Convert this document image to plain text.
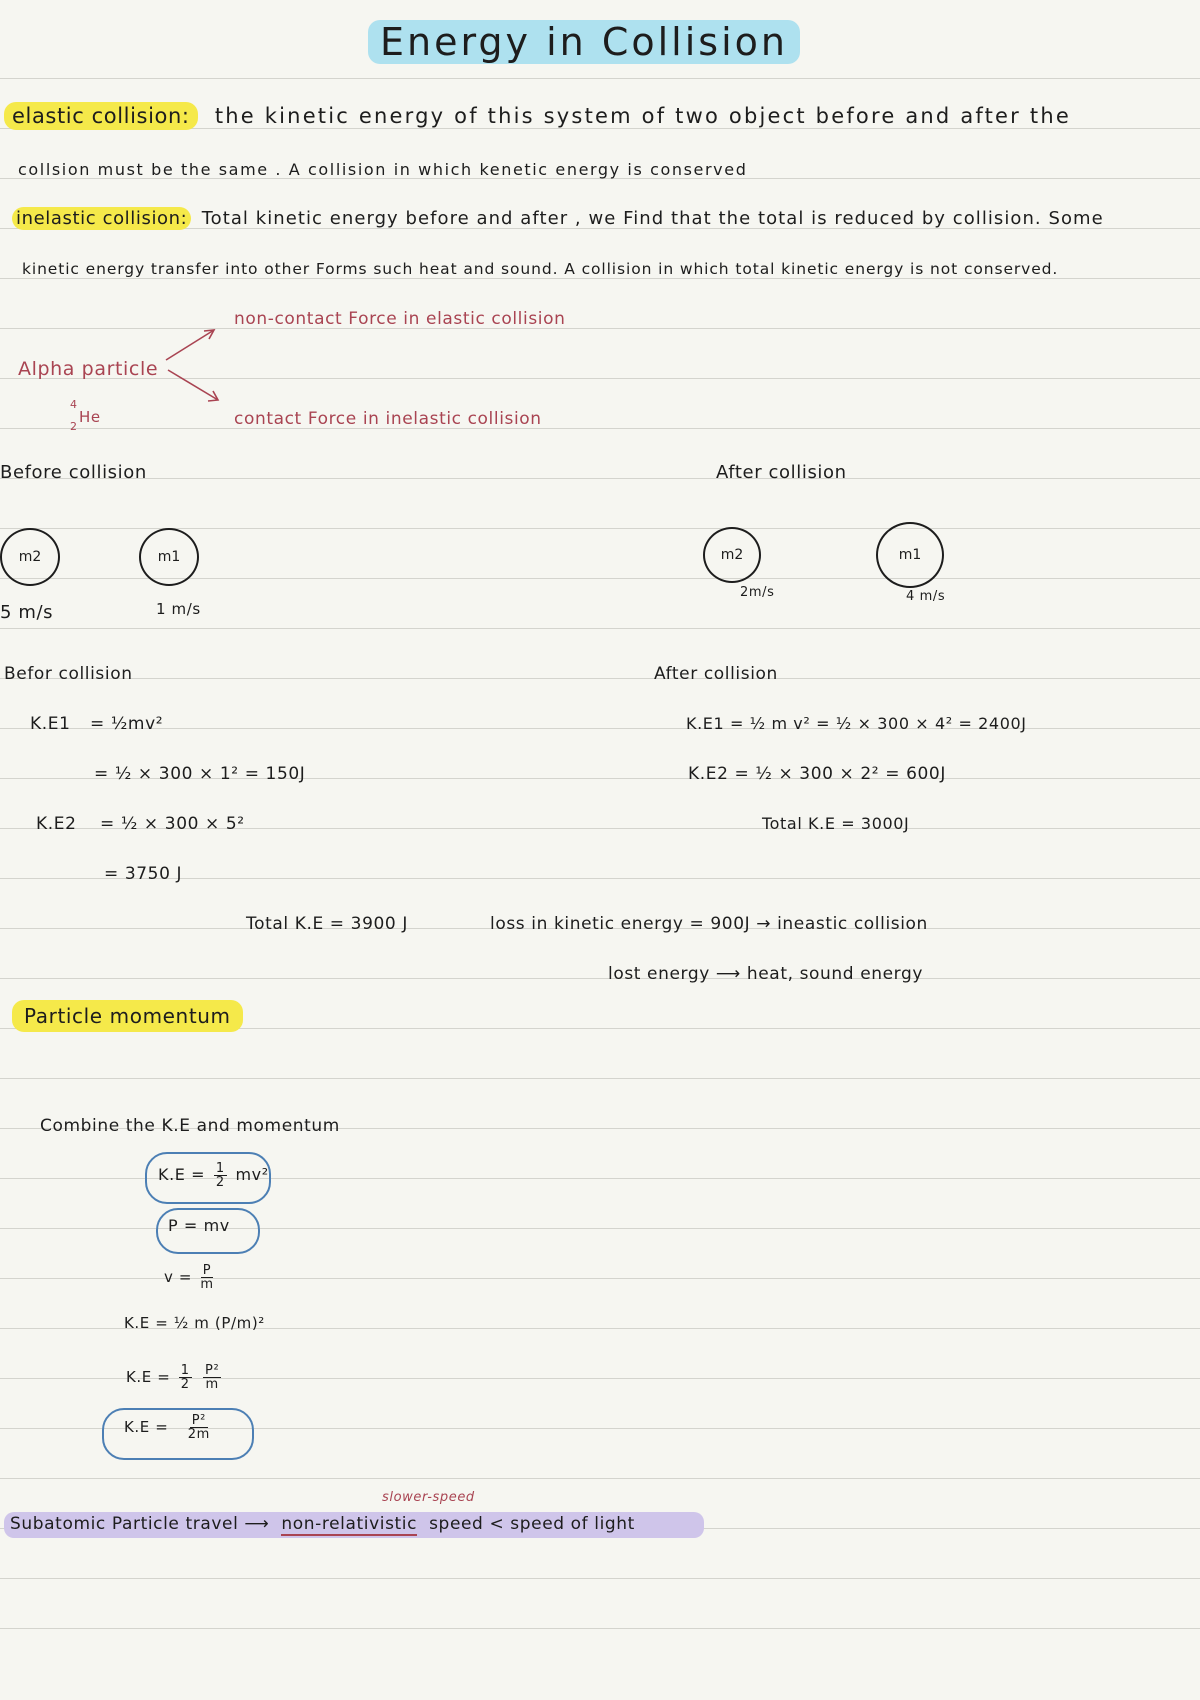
Energy in Collision
elastic collision: the kinetic energy of this system of two object before and after the
collsion must be the same . A collision in which kenetic energy is conserved
inelastic collision: Total kinetic energy before and after , we Find that the total is reduced by collision. Some
kinetic energy transfer into other Forms such heat and sound. A collision in which total kinetic energy is not conserved.
Alpha particle
4
2
He
non-contact Force in elastic collision
contact Force in inelastic collision
Before collision	After collision
m2	m1
5 m/s	1 m/s
m2	m1
2m/s	4 m/s
Befor collision
K.E1 = ½mv²
= ½ × 300 × 1² = 150J
K.E2 = ½ × 300 × 5²
= 3750 J
Total K.E = 3900 J
After collision
K.E1 = ½ m v² = ½ × 300 × 4² = 2400J
K.E2 = ½ × 300 × 2² = 600J
Total K.E = 3000J
loss in kinetic energy = 900J → ineastic collision
lost energy ⟶ heat, sound energy
Particle momentum
Combine the K.E and momentum
$K.E = \frac{1}{2} mv^2$
P = mv
$v = \frac{P}{m}$
K.E = ½ m (P/m)²
$K.E = \frac{1}{2}$
$\frac{\text{P²}}{m}$
$K.E = \frac{\text{P²}}{2m}$
slower-speed
Subatomic Particle travel ⟶ non-relativistic speed < speed of light
